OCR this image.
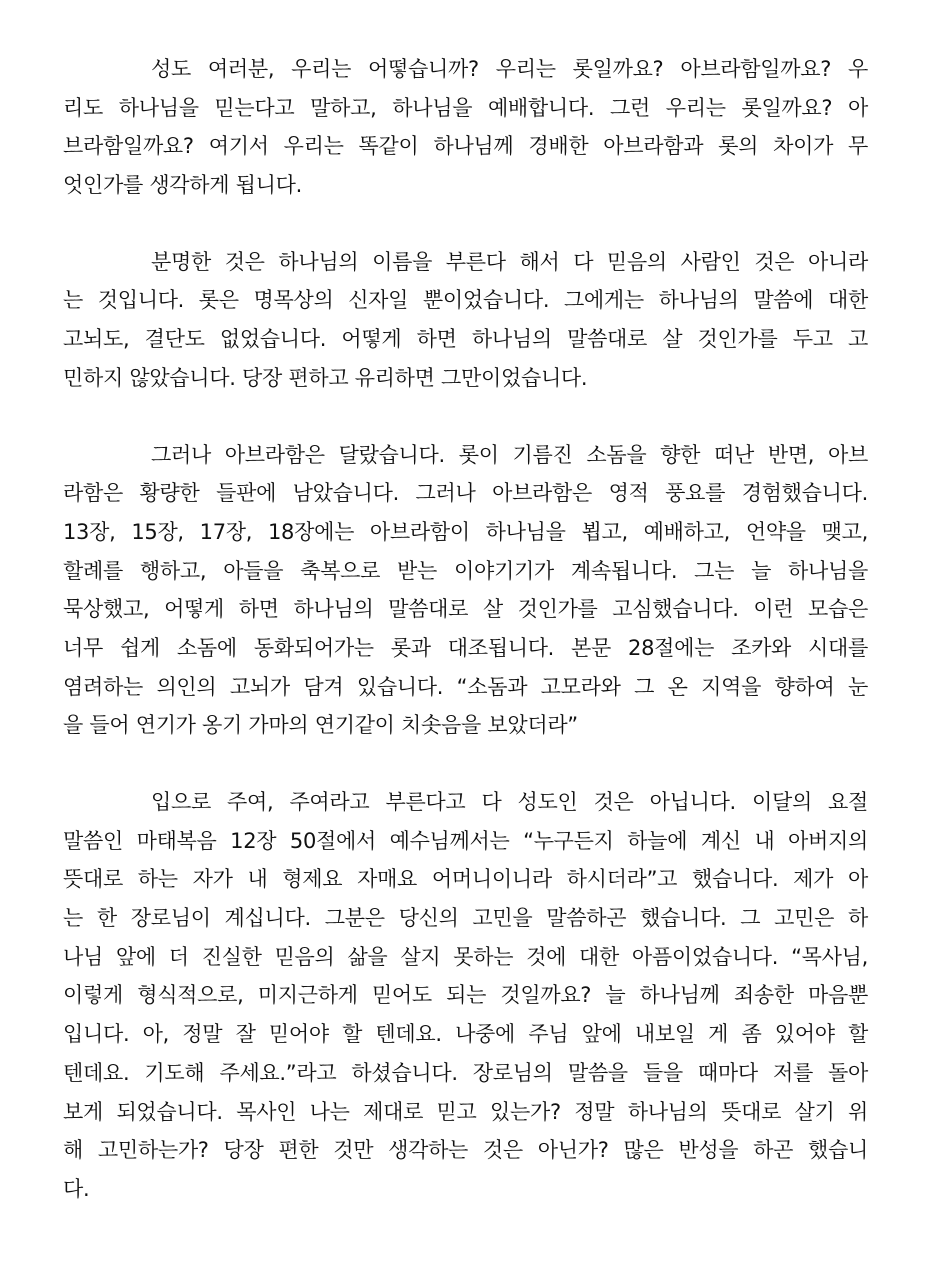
성도 여러분, 우리는 어떻습니까? 우리는 롯일까요? 아브라함일까요? 우
리도 하나님을 믿는다고 말하고, 하나님을 예배합니다. 그런 우리는 롯일까요? 아
브라함일까요? 여기서 우리는 똑같이 하나님께 경배한 아브라함과 롯의 차이가 무
엇인가를 생각하게 됩니다.
분명한 것은 하나님의 이름을 부른다 해서 다 믿음의 사람인 것은 아니라
는 것입니다. 롯은 명목상의 신자일 뿐이었습니다. 그에게는 하나님의 말씀에 대한
고뇌도, 결단도 없었습니다. 어떻게 하면 하나님의 말씀대로 살 것인가를 두고 고
민하지 않았습니다. 당장 편하고 유리하면 그만이었습니다.
그러나 아브라함은 달랐습니다. 롯이 기름진 소돔을 향한 떠난 반면, 아브
라함은 황량한 들판에 남았습니다. 그러나 아브라함은 영적 풍요를 경험했습니다.
13장, 15장, 17장, 18장에는 아브라함이 하나님을 뵙고, 예배하고, 언약을 맺고,
할례를 행하고, 아들을 축복으로 받는 이야기기가 계속됩니다. 그는 늘 하나님을
묵상했고, 어떻게 하면 하나님의 말씀대로 살 것인가를 고심했습니다. 이런 모습은
너무 쉽게 소돔에 동화되어가는 롯과 대조됩니다. 본문 28절에는 조카와 시대를
염려하는 의인의 고뇌가 담겨 있습니다. “소돔과 고모라와 그 온 지역을 향하여 눈
을 들어 연기가 옹기 가마의 연기같이 치솟음을 보았더라”
입으로 주여, 주여라고 부른다고 다 성도인 것은 아닙니다. 이달의 요절
말씀인 마태복음 12장 50절에서 예수님께서는 “누구든지 하늘에 계신 내 아버지의
뜻대로 하는 자가 내 형제요 자매요 어머니이니라 하시더라”고 했습니다. 제가 아
는 한 장로님이 계십니다. 그분은 당신의 고민을 말씀하곤 했습니다. 그 고민은 하
나님 앞에 더 진실한 믿음의 삶을 살지 못하는 것에 대한 아픔이었습니다. “목사님,
이렇게 형식적으로, 미지근하게 믿어도 되는 것일까요? 늘 하나님께 죄송한 마음뿐
입니다. 아, 정말 잘 믿어야 할 텐데요. 나중에 주님 앞에 내보일 게 좀 있어야 할
텐데요. 기도해 주세요.”라고 하셨습니다. 장로님의 말씀을 들을 때마다 저를 돌아
보게 되었습니다. 목사인 나는 제대로 믿고 있는가? 정말 하나님의 뜻대로 살기 위
해 고민하는가? 당장 편한 것만 생각하는 것은 아닌가? 많은 반성을 하곤 했습니
다.
